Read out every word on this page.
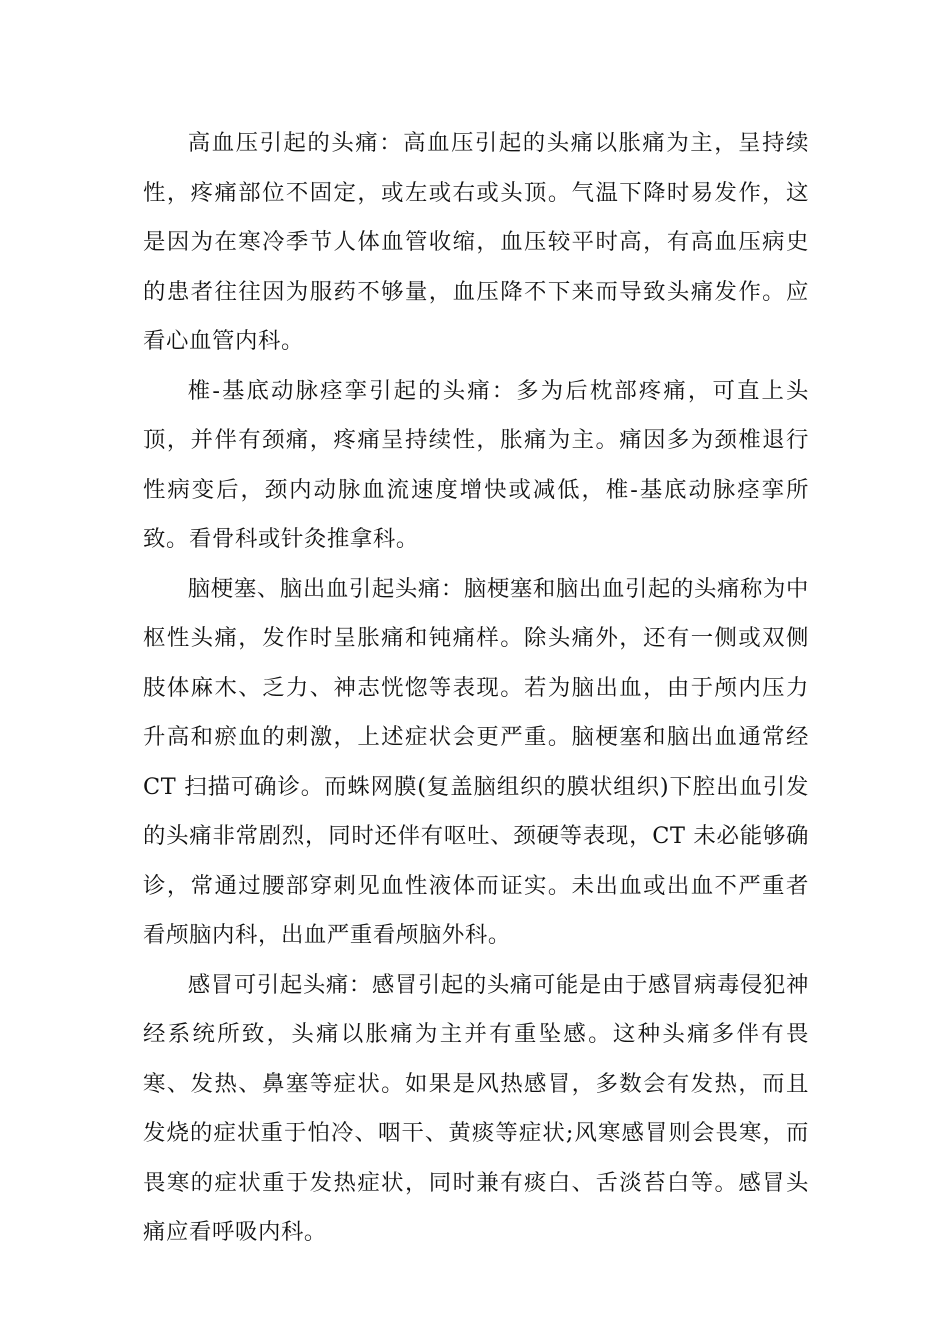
高血压引起的头痛：高血压引起的头痛以胀痛为主，呈持续性，疼痛部位不固定，或左或右或头顶。气温下降时易发作，这是因为在寒冷季节人体血管收缩，血压较平时高，有高血压病史的患者往往因为服药不够量，血压降不下来而导致头痛发作。应看心血管内科。

椎-基底动脉痉挛引起的头痛：多为后枕部疼痛，可直上头顶，并伴有颈痛，疼痛呈持续性，胀痛为主。痛因多为颈椎退行性病变后，颈内动脉血流速度增快或减低，椎-基底动脉痉挛所致。看骨科或针灸推拿科。

脑梗塞、脑出血引起头痛：脑梗塞和脑出血引起的头痛称为中枢性头痛，发作时呈胀痛和钝痛样。除头痛外，还有一侧或双侧肢体麻木、乏力、神志恍惚等表现。若为脑出血，由于颅内压力升高和瘀血的刺激，上述症状会更严重。脑梗塞和脑出血通常经 CT 扫描可确诊。而蛛网膜(复盖脑组织的膜状组织)下腔出血引发的头痛非常剧烈，同时还伴有呕吐、颈硬等表现，CT 未必能够确诊，常通过腰部穿刺见血性液体而证实。未出血或出血不严重者看颅脑内科，出血严重看颅脑外科。

感冒可引起头痛：感冒引起的头痛可能是由于感冒病毒侵犯神经系统所致，头痛以胀痛为主并有重坠感。这种头痛多伴有畏寒、发热、鼻塞等症状。如果是风热感冒，多数会有发热，而且发烧的症状重于怕冷、咽干、黄痰等症状;风寒感冒则会畏寒，而畏寒的症状重于发热症状，同时兼有痰白、舌淡苔白等。感冒头痛应看呼吸内科。
